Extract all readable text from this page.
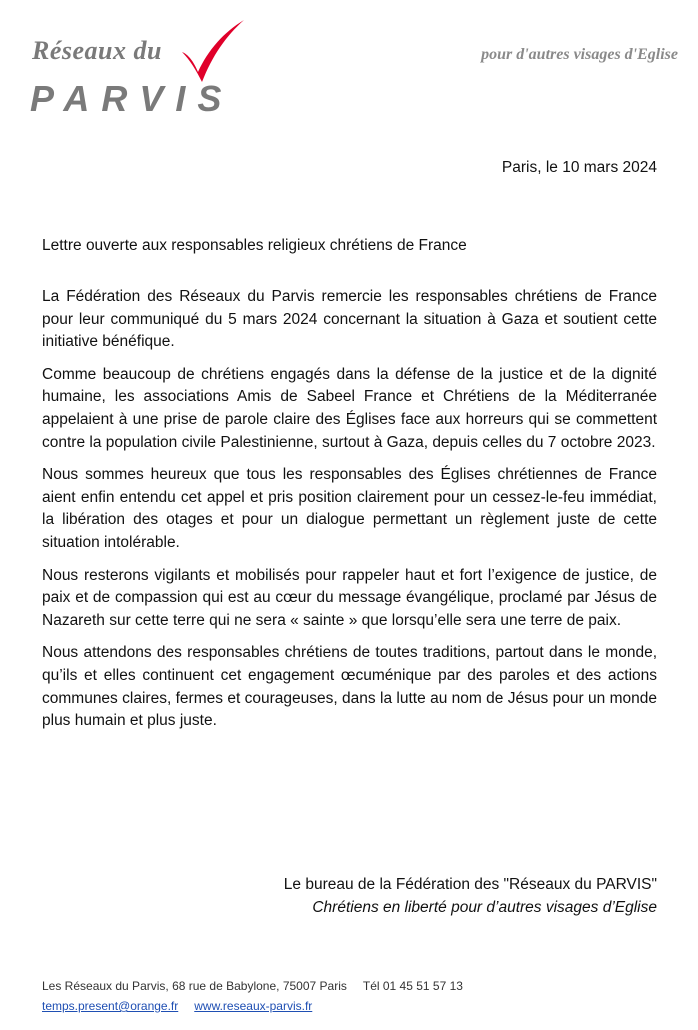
Réseaux du
PARVIS
pour d'autres visages d'Eglise
Paris, le 10 mars 2024
Lettre ouverte aux responsables religieux chrétiens de France

La Fédération des Réseaux du Parvis remercie les responsables chrétiens de France pour leur communiqué du 5 mars 2024 concernant la situation à Gaza et soutient cette initiative bénéfique.

Comme beaucoup de chrétiens engagés dans la défense de la justice et de la dignité humaine, les associations Amis de Sabeel France et Chrétiens de la Méditerranée appelaient à une prise de parole claire des Églises face aux horreurs qui se commettent contre la population civile Palestinienne, surtout à Gaza, depuis celles du 7 octobre 2023.

Nous sommes heureux que tous les responsables des Églises chrétiennes de France aient enfin entendu cet appel et pris position clairement pour un cessez-le-feu immédiat, la libération des otages et pour un dialogue permettant un règlement juste de cette situation intolérable.

Nous resterons vigilants et mobilisés pour rappeler haut et fort l’exigence de justice, de paix et de compassion qui est au cœur du message évangélique, proclamé par Jésus de Nazareth sur cette terre qui ne sera « sainte » que lorsqu’elle sera une terre de paix.

Nous attendons des responsables chrétiens de toutes traditions, partout dans le monde, qu’ils et elles continuent cet engagement œcuménique par des paroles et des actions communes claires, fermes et courageuses, dans la lutte au nom de Jésus pour un monde plus humain et plus juste.

Le bureau de la Fédération des "Réseaux du PARVIS"
Chrétiens en liberté pour d’autres visages d’Eglise
Les Réseaux du Parvis, 68 rue de Babylone, 75007 Paris Tél 01 45 51 57 13
temps.present@orange.fr www.reseaux-parvis.fr
